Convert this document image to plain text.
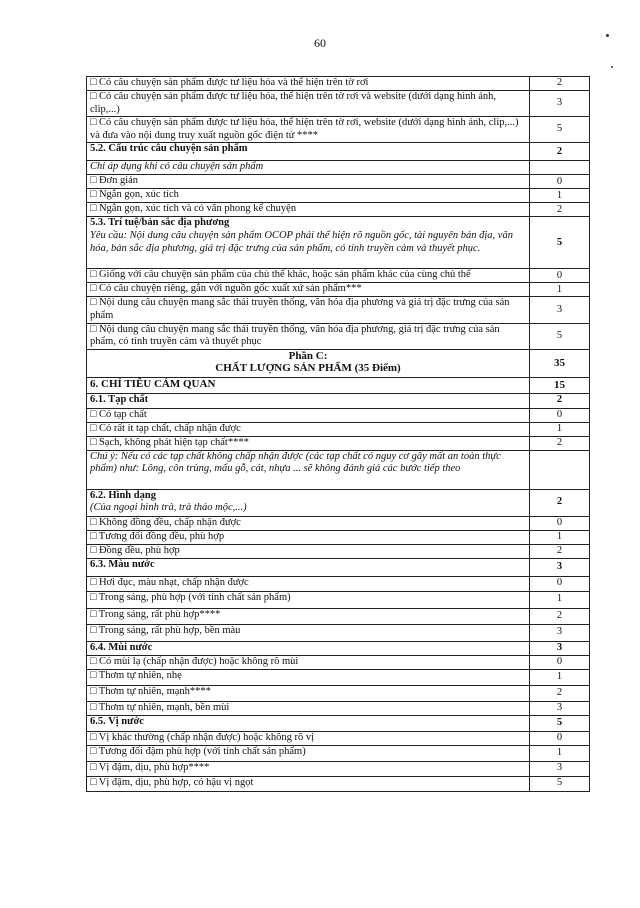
60
□ Có câu chuyện sản phẩm được tư liệu hóa và thể hiện trên tờ rơi	2

□ Có câu chuyện sản phẩm được tư liệu hóa, thể hiện trên tờ rơi và website (dưới dạng hình ảnh, clip,...)	3

□ Có câu chuyện sản phẩm được tư liệu hóa, thể hiện trên tờ rơi, website (dưới dạng hình ảnh, clip,...) và đưa vào nội dung truy xuất nguồn gốc điện tử ****	5

5.2. Cấu trúc câu chuyện sản phẩm	2

Chỉ áp dụng khi có câu chuyện sản phẩm	

□ Đơn giản	0

□ Ngắn gọn, xúc tích	1

□ Ngắn gọn, xúc tích và có văn phong kể chuyện	2

5.3. Trí tuệ/bản sắc địa phương
Yêu cầu: Nội dung câu chuyện sản phẩm OCOP phải thể hiện rõ nguồn gốc, tài nguyên bản địa, văn hóa, bản sắc địa phương, giá trị đặc trưng của sản phẩm, có tính truyền cảm và thuyết phục.	5

□ Giống với câu chuyện sản phẩm của chủ thể khác, hoặc sản phẩm khác của cùng chủ thể	0

□ Có câu chuyện riêng, gắn với nguồn gốc xuất xứ sản phẩm***	1

□ Nội dung câu chuyện mang sắc thái truyền thống, văn hóa địa phương và giá trị đặc trưng của sản phẩm	3

□ Nội dung câu chuyện mang sắc thái truyền thống, văn hóa địa phương, giá trị đặc trưng của sản phẩm, có tính truyền cảm và thuyết phục	5

Phần C:
CHẤT LƯỢNG SẢN PHẨM (35 Điểm)	35

6. CHỈ TIÊU CẢM QUAN	15

6.1. Tạp chất	2

□ Có tạp chất	0

□ Có rất ít tạp chất, chấp nhận được	1

□ Sạch, không phát hiện tạp chất****	2

Chú ý: Nếu có các tạp chất không chấp nhận được (các tạp chất có nguy cơ gây mất an toàn thực phẩm) như: Lông, côn trùng, mẩu gỗ, cát, nhựa ... sẽ không đánh giá các bước tiếp theo	

6.2. Hình dạng
(Của ngoại hình trà, trà thảo mộc,...)	2

□ Không đồng đều, chấp nhận được	0

□ Tương đối đồng đều, phù hợp	1

□ Đồng đều, phù hợp	2

6.3. Màu nước	3

□ Hơi đục, màu nhạt, chấp nhận được	0

□ Trong sáng, phù hợp (với tính chất sản phẩm)	1

□ Trong sáng, rất phù hợp****	2

□ Trong sáng, rất phù hợp, bền màu	3

6.4. Mùi nước	3

□ Có mùi lạ (chấp nhận được) hoặc không rõ mùi	0

□ Thơm tự nhiên, nhẹ	1

□ Thơm tự nhiên, mạnh****	2

□ Thơm tự nhiên, mạnh, bền mùi	3

6.5. Vị nước	5

□ Vị khác thường (chấp nhận được) hoặc không rõ vị	0

□ Tương đối đậm phù hợp (với tính chất sản phẩm)	1

□ Vị đậm, dịu, phù hợp****	3

□ Vị đậm, dịu, phù hợp, có hậu vị ngọt	5
